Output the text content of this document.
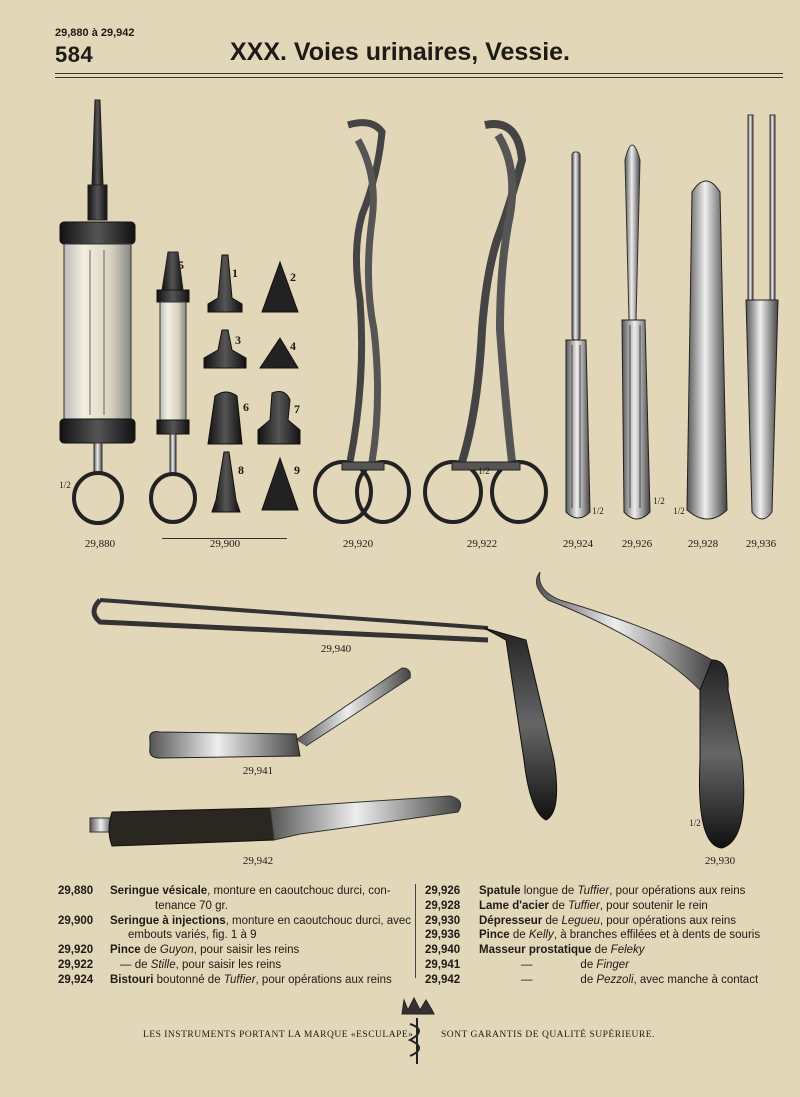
29,880 à 29,942
584	XXX. Voies urinaires, Vessie.
5
1	2
3	4
6	7
8	9
1/2
1/2
1/2
1/2
1/2
1/2
29,880	29,900	29,920	29,922	29,924	29,926	29,928	29,936
29,940
29,941
29,942	29,930
29,880 Seringue vésicale, monture en caoutchouc durci, con-
tenance 70 gr.
29,900 Seringue à injections, monture en caoutchouc durci, avec
embouts variés, fig. 1 à 9
29,920 Pince de Guyon, pour saisir les reins
29,922 — de Stille, pour saisir les reins
29,924 Bistouri boutonné de Tuffier, pour opérations aux reins
29,926 Spatule longue de Tuffier, pour opérations aux reins
29,928 Lame d'acier de Tuffier, pour soutenir le rein
29,930 Dépresseur de Legueu, pour opérations aux reins
29,936 Pince de Kelly, à branches effilées et à dents de souris
29,940 Masseur prostatique de Feleky
29,941	—               de Finger
29,942	—               de Pezzoli, avec manche à contact
LES INSTRUMENTS PORTANT LA MARQUE «ESCULAPE»	SONT GARANTIS DE QUALITÉ SUPÉRIEURE.
